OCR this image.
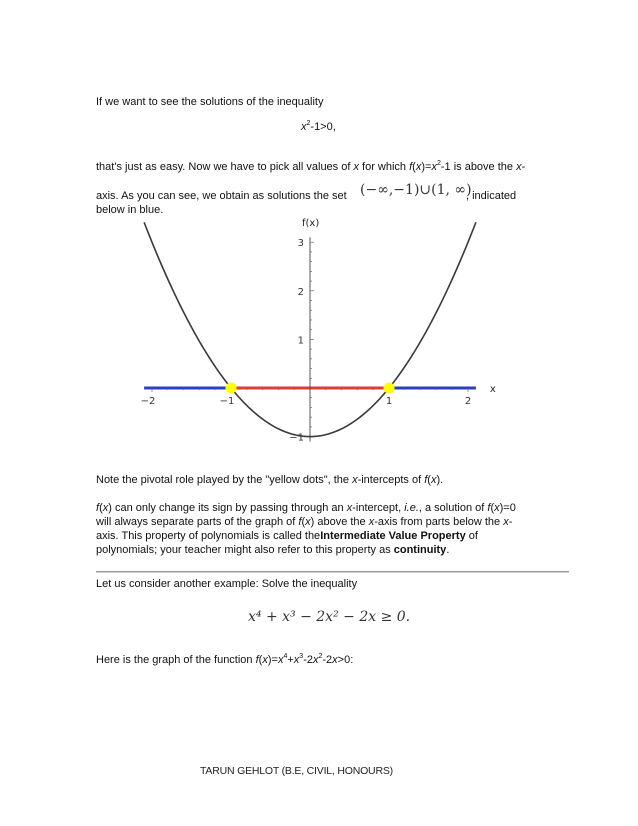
If we want to see the solutions of the inequality
$x^2-1>0$,
that's just as easy. Now we have to pick all values of x for which $f(x)=x^2-1$ is above the x-
axis. As you can see, we obtain as solutions the set (−∞,−1)∪(1, ∞)
, indicated
below in blue.
−2	−1	1	2
−1
1
2
3
f(x)
x
Note the pivotal role played by the "yellow dots", the x-intercepts of f(x).
f(x) can only change its sign by passing through an x-intercept, i.e., a solution of f(x)=0
will always separate parts of the graph of f(x) above the x-axis from parts below the x-
axis. This property of polynomials is called theIntermediate Value Property of
polynomials; your teacher might also refer to this property as continuity.
Let us consider another example: Solve the inequality
x⁴ + x³ − 2x² − 2x ≥ 0.
Here is the graph of the function $f(x)=x^4+x^3-2x^2-2x>0$:
TARUN GEHLOT (B.E, CIVIL, HONOURS)
